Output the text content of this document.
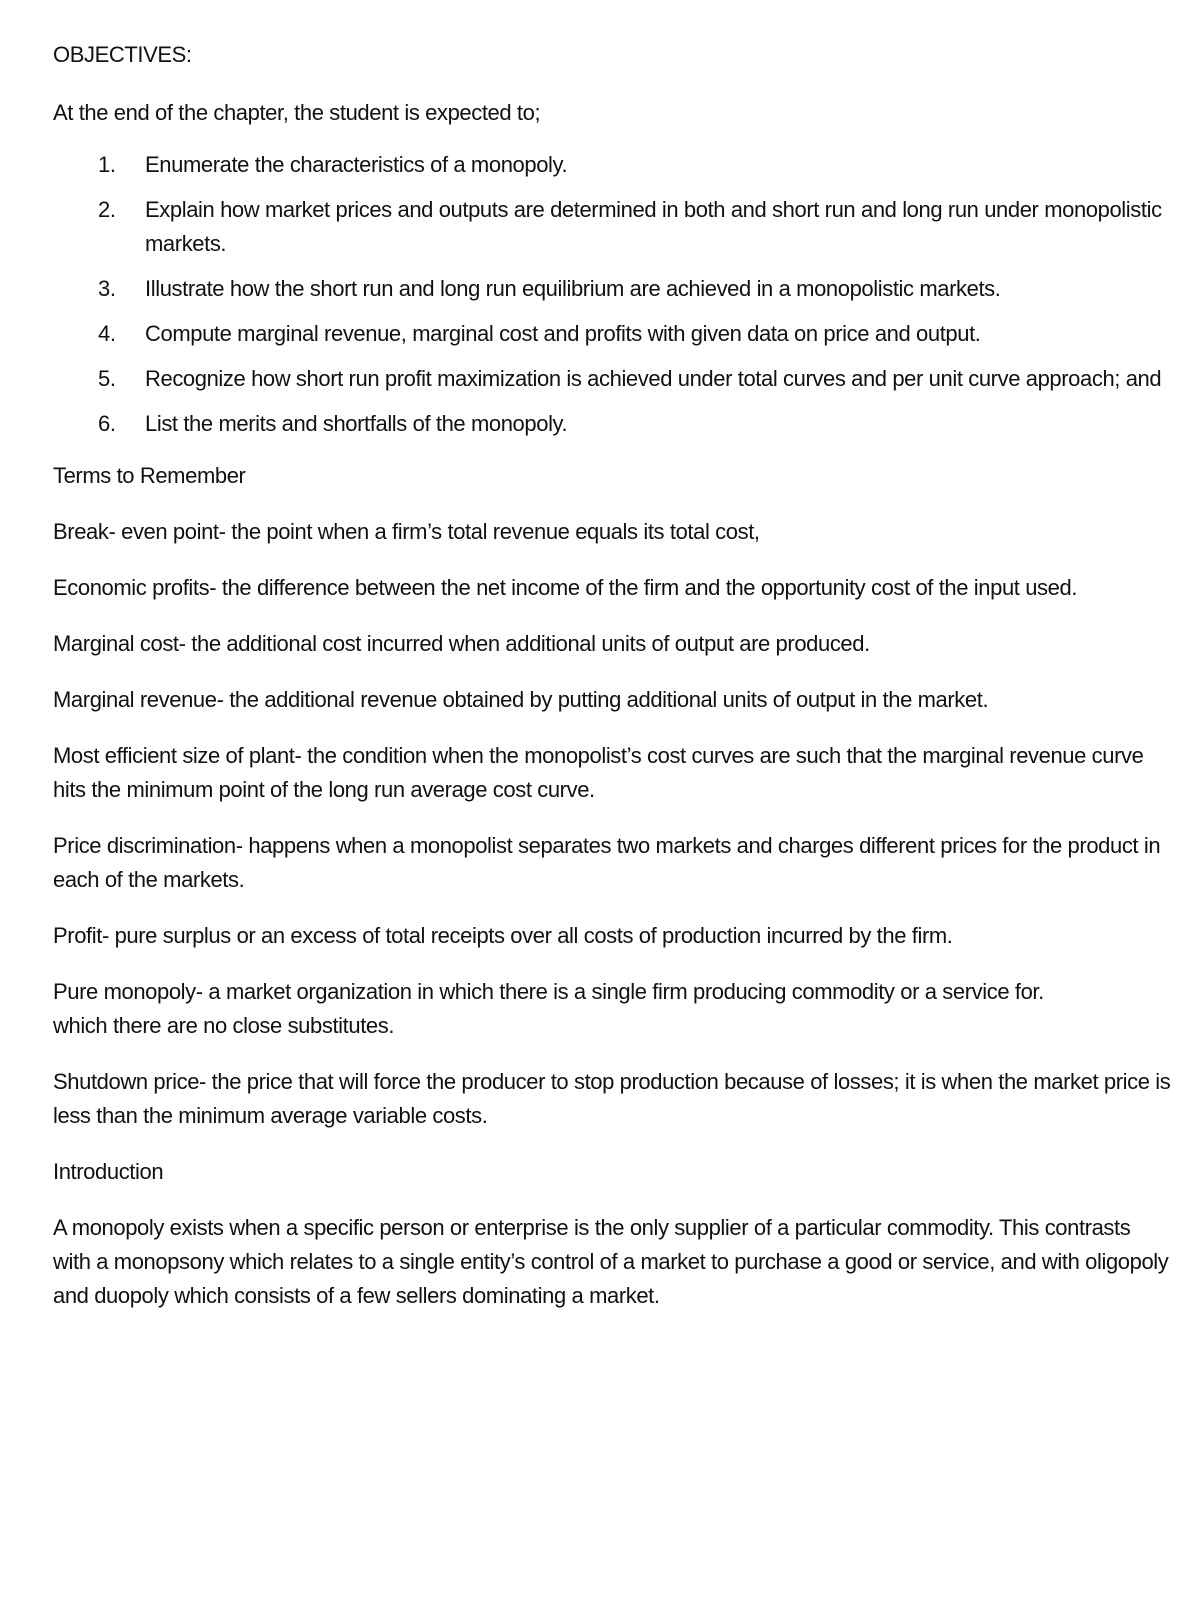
OBJECTIVES:

At the end of the chapter, the student is expected to;

1. Enumerate the characteristics of a monopoly.
2. Explain how market prices and outputs are determined in both and short run and long run under monopolistic markets.
3. Illustrate how the short run and long run equilibrium are achieved in a monopolistic markets.
4. Compute marginal revenue, marginal cost and profits with given data on price and output.
5. Recognize how short run profit maximization is achieved under total curves and per unit curve approach; and
6. List the merits and shortfalls of the monopoly.

Terms to Remember

Break- even point- the point when a firm’s total revenue equals its total cost,

Economic profits- the difference between the net income of the firm and the opportunity cost of the input used.

Marginal cost- the additional cost incurred when additional units of output are produced.

Marginal revenue- the additional revenue obtained by putting additional units of output in the market.

Most efficient size of plant- the condition when the monopolist’s cost curves are such that the marginal revenue curve hits the minimum point of the long run average cost curve.

Price discrimination- happens when a monopolist separates two markets and charges different prices for the product in each of the markets.

Profit- pure surplus or an excess of total receipts over all costs of production incurred by the firm.

Pure monopoly- a market organization in which there is a single firm producing commodity or a service for.

which there are no close substitutes.

Shutdown price- the price that will force the producer to stop production because of losses; it is when the market price is less than the minimum average variable costs.

Introduction

A monopoly exists when a specific person or enterprise is the only supplier of a particular commodity. This contrasts with a monopsony which relates to a single entity’s control of a market to purchase a good or service, and with oligopoly and duopoly which consists of a few sellers dominating a market.
